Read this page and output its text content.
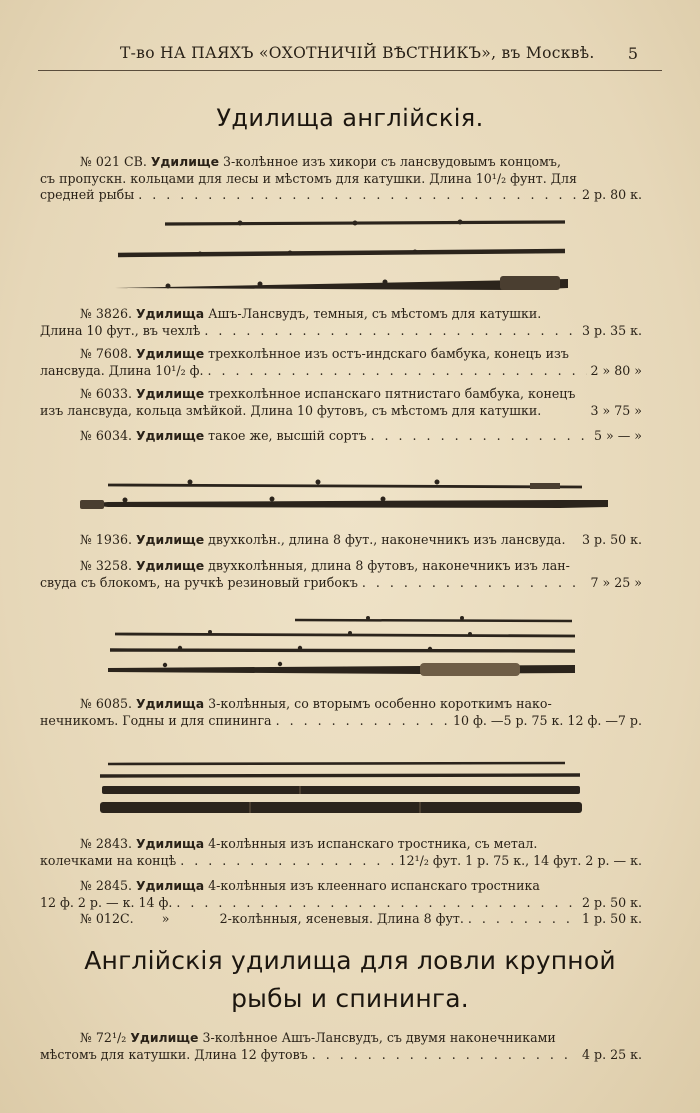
Т-во НА ПАЯХЪ «ОХОТНИЧІЙ ВѢСТНИКЪ», въ Москвѣ. 5
Удилища англійскія.
№ 021 СВ.
Удилище
3-колѣнное изъ хикори съ лансвудовымъ концомъ,
съ пропускн. кольцами для лесы и мѣстомъ для катушки. Длина 10¹/₂ фунт. Для
средней рыбы . . .	2 р. 80 к.
№ 3826.
Удилища
Ашъ-Лансвудъ, темныя, съ мѣстомъ для катушки.
Длина 10 фут., въ чехлѣ . . .	3 р. 35 к.
№ 7608.
Удилище
трехколѣнное изъ остъ-индскаго бамбука, конецъ изъ
лансвуда. Длина 10¹/₂ ф. . . .	2 » 80 »
№ 6033.
Удилище
трехколѣнное испанскаго пятнистаго бамбука, конецъ
изъ лансвуда, кольца змѣйкой. Длина 10 футовъ, съ мѣстомъ для катушки.	3 » 75 »
№ 6034.
Удилище
такое же, высшій сортъ . . .	5 » — »
№ 1936.
Удилище
двухколѣн., длина 8 фут., наконечникъ изъ лансвуда. 3 р. 50 к.
№ 3258.
Удилище
двухколѣнныя, длина 8 футовъ, наконечникъ изъ лан-
свуда съ блокомъ, на ручкѣ резиновый грибокъ . . .	7 » 25 »
№ 6085.
Удилища
3-колѣнныя, со вторымъ особенно короткимъ нако-
нечникомъ. Годны и для спининга . . .	10 ф. —5 р. 75 к. 12 ф. —7 р.
№ 2843.
Удилища
4-колѣнныя изъ испанскаго тростника, съ метал.
колечками на концѣ . . .	12¹/₂ фут. 1 р. 75 к., 14 фут. 2 р. — к.
№ 2845.
Удилища
4-колѣнныя изъ клееннаго испанскаго тростника
12 ф. 2 р. — к. 14 ф. . . .	2 р. 50 к.
№ 012С.	»	2-колѣнныя, ясеневыя. Длина 8 фут. . . .	1 р. 50 к.
Англійскія удилища для ловли крупной
рыбы и спининга.
№ 72¹/₂
Удилище
3-колѣнное Ашъ-Лансвудъ, съ двумя наконечниками
мѣстомъ для катушки. Длина 12 футовъ . . .	4 р. 25 к.
